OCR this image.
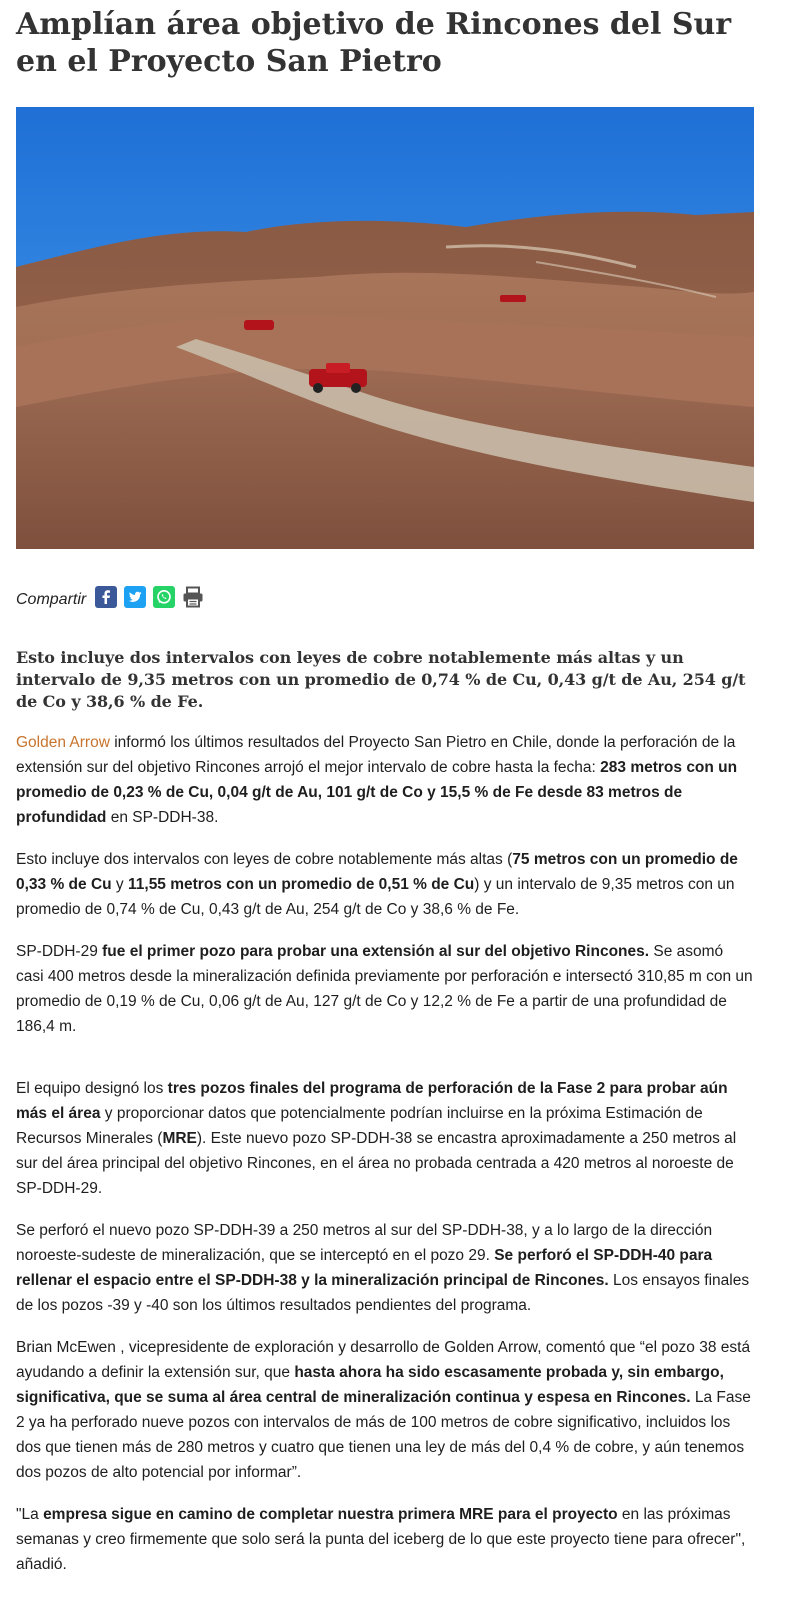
Amplían área objetivo de Rincones del Sur en el Proyecto San Pietro
Compartir

Esto incluye dos intervalos con leyes de cobre notablemente más altas y un intervalo de 9,35 metros con un promedio de 0,74 % de Cu, 0,43 g/t de Au, 254 g/t de Co y 38,6 % de Fe.

Golden Arrow informó los últimos resultados del Proyecto San Pietro en Chile, donde la perforación de la extensión sur del objetivo Rincones arrojó el mejor intervalo de cobre hasta la fecha: 283 metros con un promedio de 0,23 % de Cu, 0,04 g/t de Au, 101 g/t de Co y 15,5 % de Fe desde 83 metros de profundidad en SP-DDH-38.

Esto incluye dos intervalos con leyes de cobre notablemente más altas (75 metros con un promedio de 0,33 % de Cu y 11,55 metros con un promedio de 0,51 % de Cu) y un intervalo de 9,35 metros con un promedio de 0,74 % de Cu, 0,43 g/t de Au, 254 g/t de Co y 38,6 % de Fe.

SP-DDH-29 fue el primer pozo para probar una extensión al sur del objetivo Rincones. Se asomó casi 400 metros desde la mineralización definida previamente por perforación e intersectó 310,85 m con un promedio de 0,19 % de Cu, 0,06 g/t de Au, 127 g/t de Co y 12,2 % de Fe a partir de una profundidad de 186,4 m.

El equipo designó los tres pozos finales del programa de perforación de la Fase 2 para probar aún más el área y proporcionar datos que potencialmente podrían incluirse en la próxima Estimación de Recursos Minerales (MRE). Este nuevo pozo SP-DDH-38 se encastra aproximadamente a 250 metros al sur del área principal del objetivo Rincones, en el área no probada centrada a 420 metros al noroeste de SP-DDH-29.

Se perforó el nuevo pozo SP-DDH-39 a 250 metros al sur del SP-DDH-38, y a lo largo de la dirección noroeste-sudeste de mineralización, que se interceptó en el pozo 29. Se perforó el SP-DDH-40 para rellenar el espacio entre el SP-DDH-38 y la mineralización principal de Rincones. Los ensayos finales de los pozos -39 y -40 son los últimos resultados pendientes del programa.

Brian McEwen , vicepresidente de exploración y desarrollo de Golden Arrow, comentó que “el pozo 38 está ayudando a definir la extensión sur, que hasta ahora ha sido escasamente probada y, sin embargo, significativa, que se suma al área central de mineralización continua y espesa en Rincones. La Fase 2 ya ha perforado nueve pozos con intervalos de más de 100 metros de cobre significativo, incluidos los dos que tienen más de 280 metros y cuatro que tienen una ley de más del 0,4 % de cobre, y aún tenemos dos pozos de alto potencial por informar”.

"La empresa sigue en camino de completar nuestra primera MRE para el proyecto en las próximas semanas y creo firmemente que solo será la punta del iceberg de lo que este proyecto tiene para ofrecer", añadió.
